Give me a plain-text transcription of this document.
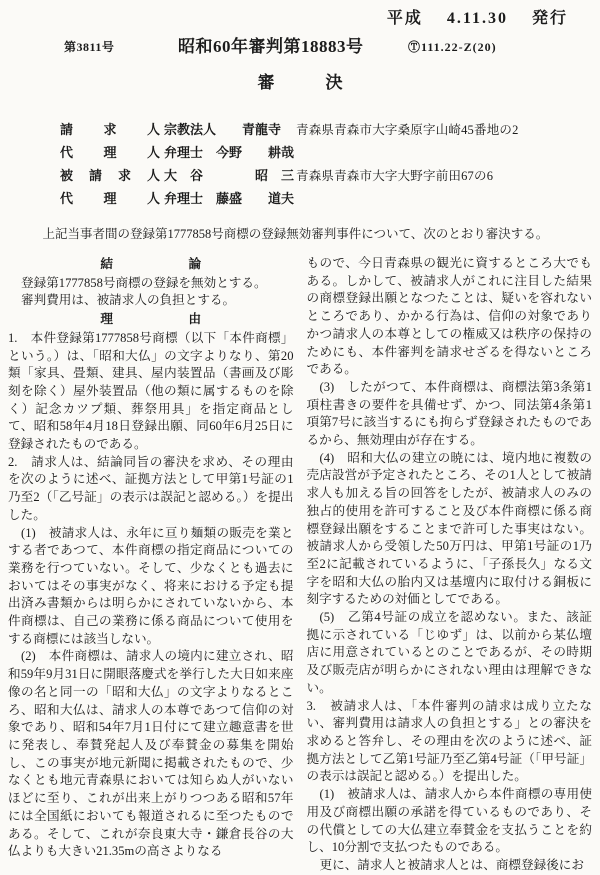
平成　 4.11.30　 発行
第3811号	昭和60年審判第18883号	Ⓣ111.22-Z(20)
審　　　決
請求人 宗教法人　　青龍寺	青森県青森市大字桑原字山崎45番地の2
代理人 弁理士　今野　　耕哉
被請求人 大　谷　　　　昭　三 青森県青森市大字大野字前田67の6
代理人 弁理士　藤盛　　道夫

上記当事者間の登録第1777858号商標の登録無効審判事件について、次のとおり審決する。

結　　　　　　論

登録第1777858号商標の登録を無効とする。

審判費用は、被請求人の負担とする。

理　　　　　　由

1.　本件登録第1777858号商標（以下「本件商標」という。）は、「昭和大仏」の文字よりなり、第20類「家具、畳類、建具、屋内装置品（書画及び彫刻を除く）屋外装置品（他の類に属するものを除く）記念カツプ類、葬祭用具」を指定商品として、昭和58年4月18日登録出願、同60年6月25日に登録されたものである。

2.　請求人は、結論同旨の審決を求め、その理由を次のように述べ、証拠方法として甲第1号証の1乃至2（「乙号証」の表示は誤記と認める。）を提出した。

(1)　被請求人は、永年に亘り麺類の販売を業とする者であつて、本件商標の指定商品についての業務を行つていない。そして、少なくとも過去においてはその事実がなく、将来における予定も提出済み書類からは明らかにされていないから、本件商標は、自己の業務に係る商品について使用をする商標には該当しない。

(2)　本件商標は、請求人の境内に建立され、昭和59年9月31日に開眼落慶式を挙行した大日如来座像の名と同一の「昭和大仏」の文字よりなるところ、昭和大仏は、請求人の本尊であつて信仰の対象であり、昭和54年7月1日付にて建立趣意書を世に発表し、奉賛発起人及び奉賛金の募集を開始し、この事実が地元新聞に掲載されたもので、少なくとも地元青森県においては知らぬ人がいないほどに至り、これが出来上がりつつある昭和57年には全国紙においても報道されるに至つたものである。そして、これが奈良東大寺・鎌倉長谷の大仏よりも大きい21.35mの高さよりなる

もので、今日青森県の観光に資するところ大でもある。しかして、被請求人がこれに注目した結果の商標登録出願となつたことは、疑いを容れないところであり、かかる行為は、信仰の対象でありかつ請求人の本尊としての権威又は秩序の保持のためにも、本件審判を請求せざるを得ないところである。

(3)　したがつて、本件商標は、商標法第3条第1項柱書きの要件を具備せず、かつ、同法第4条第1項第7号に該当するにも拘らず登録されたものであるから、無効理由が存在する。

(4)　昭和大仏の建立の暁には、境内地に複数の売店設営が予定されたところ、その1人として被請求人も加える旨の回答をしたが、被請求人のみの独占的使用を許可すること及び本件商標に係る商標登録出願をすることまで許可した事実はない。被請求人から受領した50万円は、甲第1号証の1乃至2に記載されているように、「子孫長久」なる文字を昭和大仏の胎内又は基壇内に取付ける銅板に刻字するための対価としてである。

(5)　乙第4号証の成立を認めない。また、該証拠に示されている「じゆず」は、以前から某仏壇店に用意されているとのことであるが、その時期及び販売店が明らかにされない理由は理解できない。

3.　被請求人は、「本件審判の請求は成り立たない、審判費用は請求人の負担とする」との審決を求めると答弁し、その理由を次のように述べ、証拠方法として乙第1号証乃至乙第4号証（「甲号証」の表示は誤記と認める。）を提出した。

(1)　被請求人は、請求人から本件商標の専用使用及び商標出願の承諾を得ているものであり、その代償としての大仏建立奉賛金を支払うことを約し、10分割で支払つたものである。

更に、請求人と被請求人とは、商標登録後にお
